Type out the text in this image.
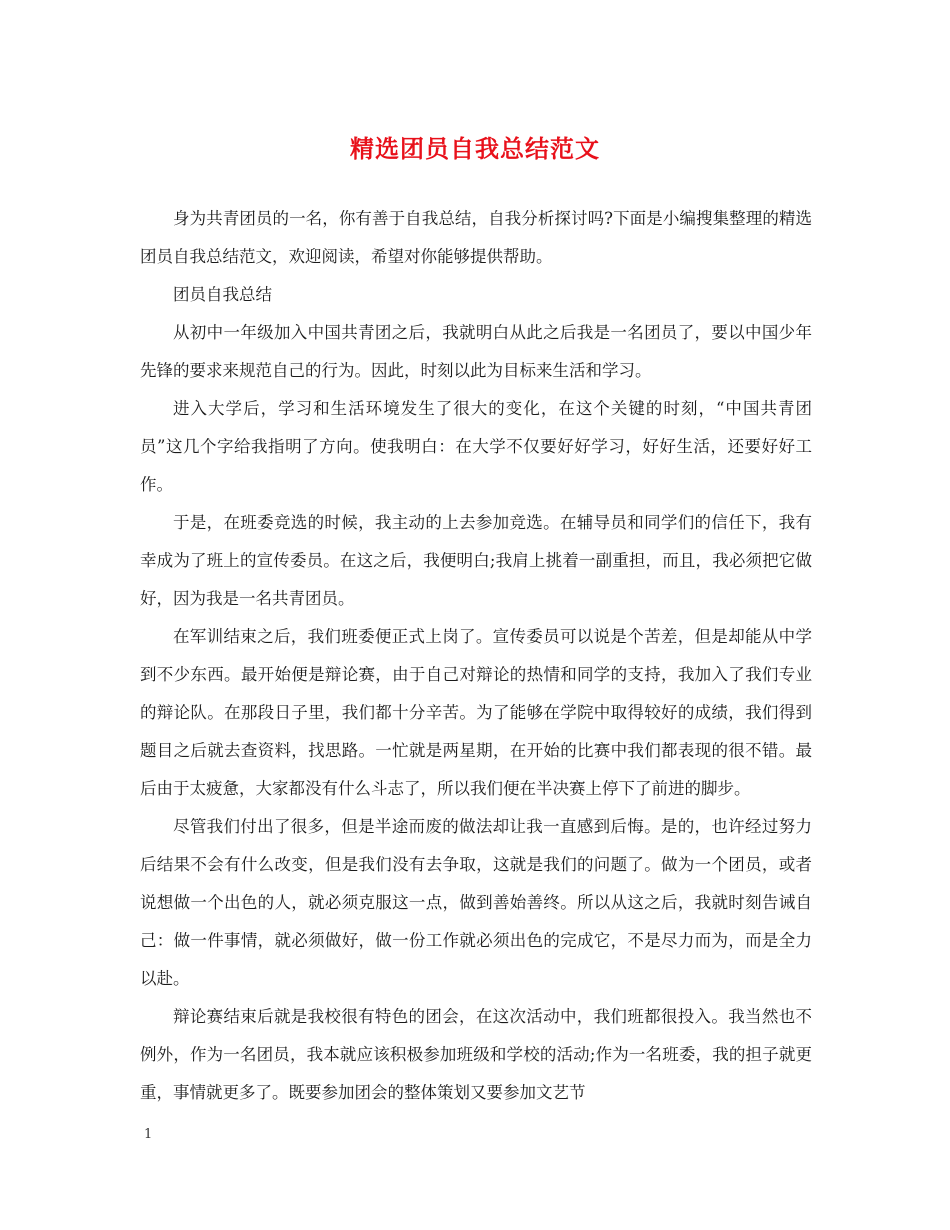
精选团员自我总结范文

身为共青团员的一名，你有善于自我总结，自我分析探讨吗?下面是小编搜集整理的精选团员自我总结范文，欢迎阅读，希望对你能够提供帮助。

团员自我总结

从初中一年级加入中国共青团之后，我就明白从此之后我是一名团员了，要以中国少年先锋的要求来规范自己的行为。因此，时刻以此为目标来生活和学习。

进入大学后，学习和生活环境发生了很大的变化，在这个关键的时刻，“中国共青团员”这几个字给我指明了方向。使我明白：在大学不仅要好好学习，好好生活，还要好好工作。

于是，在班委竞选的时候，我主动的上去参加竞选。在辅导员和同学们的信任下，我有幸成为了班上的宣传委员。在这之后，我便明白;我肩上挑着一副重担，而且，我必须把它做好，因为我是一名共青团员。

在军训结束之后，我们班委便正式上岗了。宣传委员可以说是个苦差，但是却能从中学到不少东西。最开始便是辩论赛，由于自己对辩论的热情和同学的支持，我加入了我们专业的辩论队。在那段日子里，我们都十分辛苦。为了能够在学院中取得较好的成绩，我们得到题目之后就去查资料，找思路。一忙就是两星期，在开始的比赛中我们都表现的很不错。最后由于太疲惫，大家都没有什么斗志了，所以我们便在半决赛上停下了前进的脚步。

尽管我们付出了很多，但是半途而废的做法却让我一直感到后悔。是的，也许经过努力后结果不会有什么改变，但是我们没有去争取，这就是我们的问题了。做为一个团员，或者说想做一个出色的人，就必须克服这一点，做到善始善终。所以从这之后，我就时刻告诫自己：做一件事情，就必须做好，做一份工作就必须出色的完成它，不是尽力而为，而是全力以赴。

辩论赛结束后就是我校很有特色的团会，在这次活动中，我们班都很投入。我当然也不例外，作为一名团员，我本就应该积极参加班级和学校的活动;作为一名班委，我的担子就更重，事情就更多了。既要参加团会的整体策划又要参加文艺节

1
